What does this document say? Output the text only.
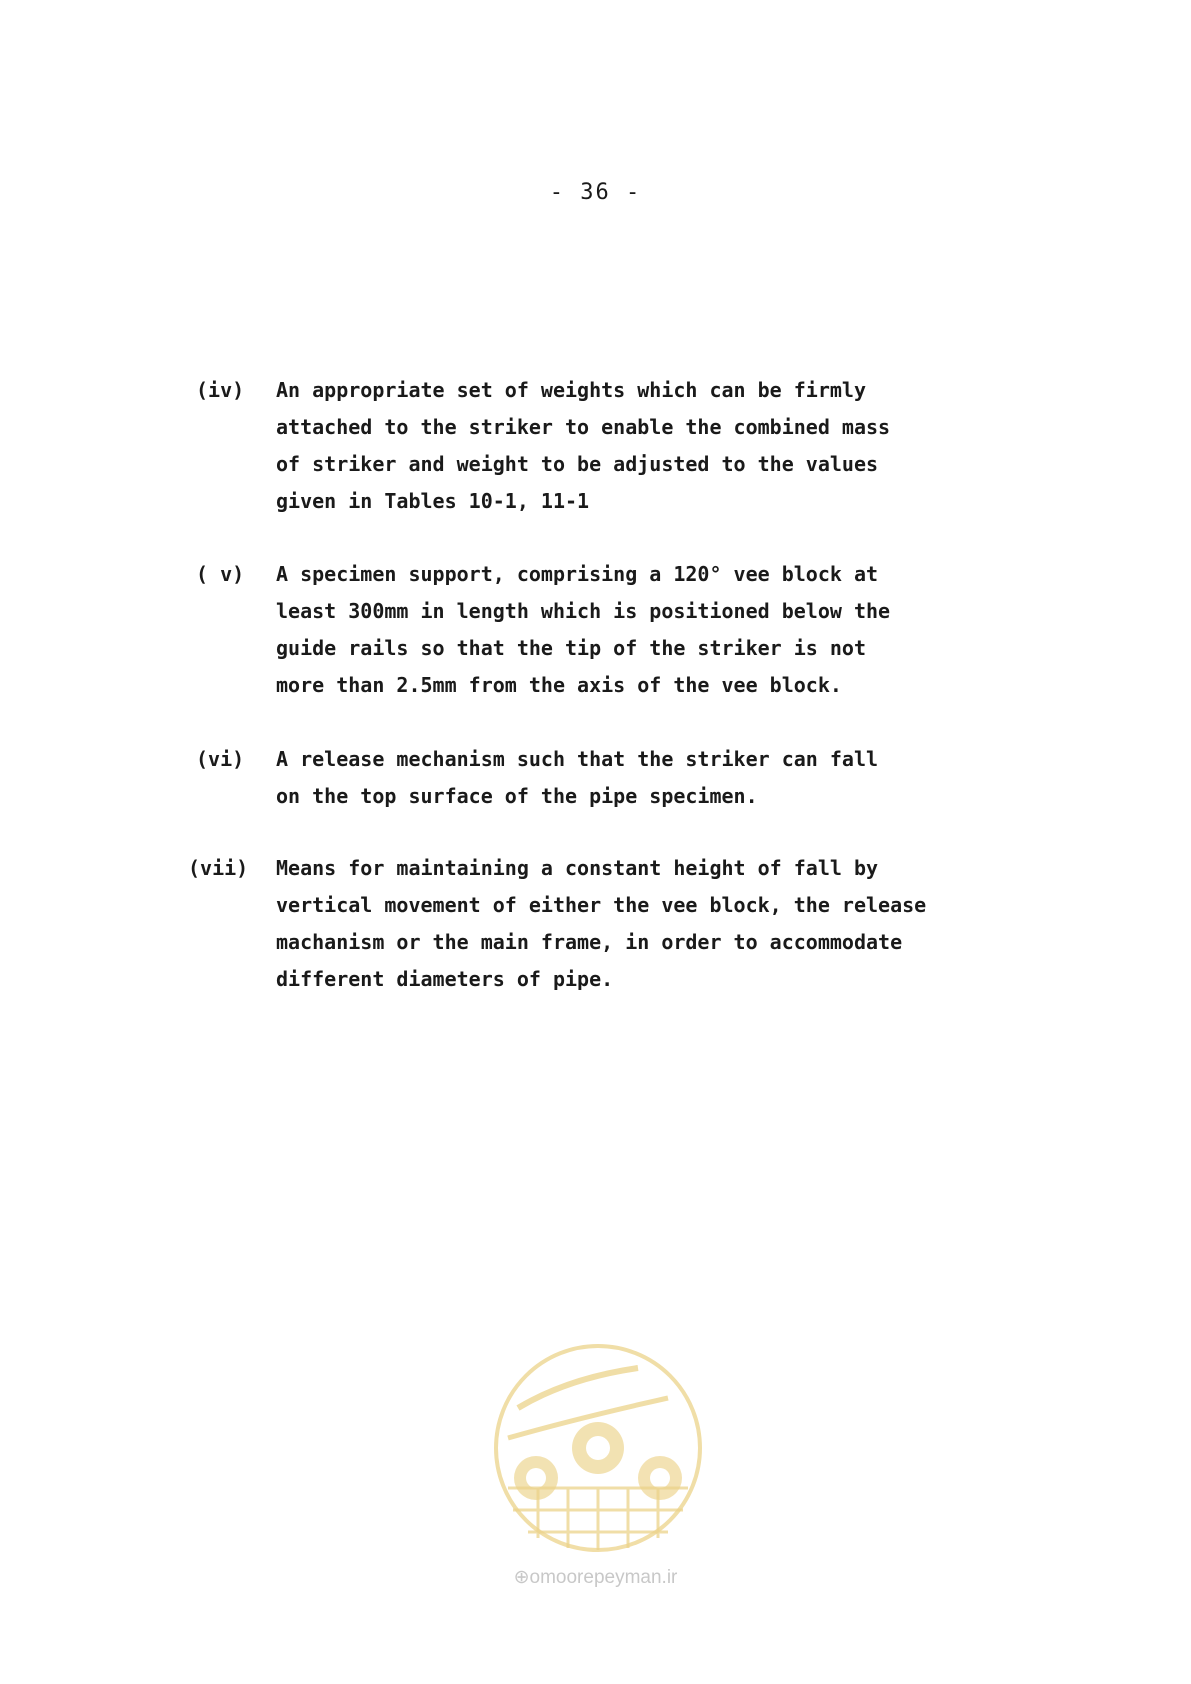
- 36 -
(iv)	An appropriate set of weights which can be firmly
attached to the striker to enable the combined mass
of striker and weight to be adjusted to the values
given in Tables 10-1, 11-1
( v)	A specimen support, comprising a 120° vee block at
least 300mm in length which is positioned below the
guide rails so that the tip of the striker is not
more than 2.5mm from the axis of the vee block.
(vi)	A release mechanism such that the striker can fall
on the top surface of the pipe specimen.
(vii) Means for maintaining a constant height of fall by
vertical movement of either the vee block, the release
machanism or the main frame, in order to accommodate
different diameters of pipe.
⊕omoorepeyman.ir
